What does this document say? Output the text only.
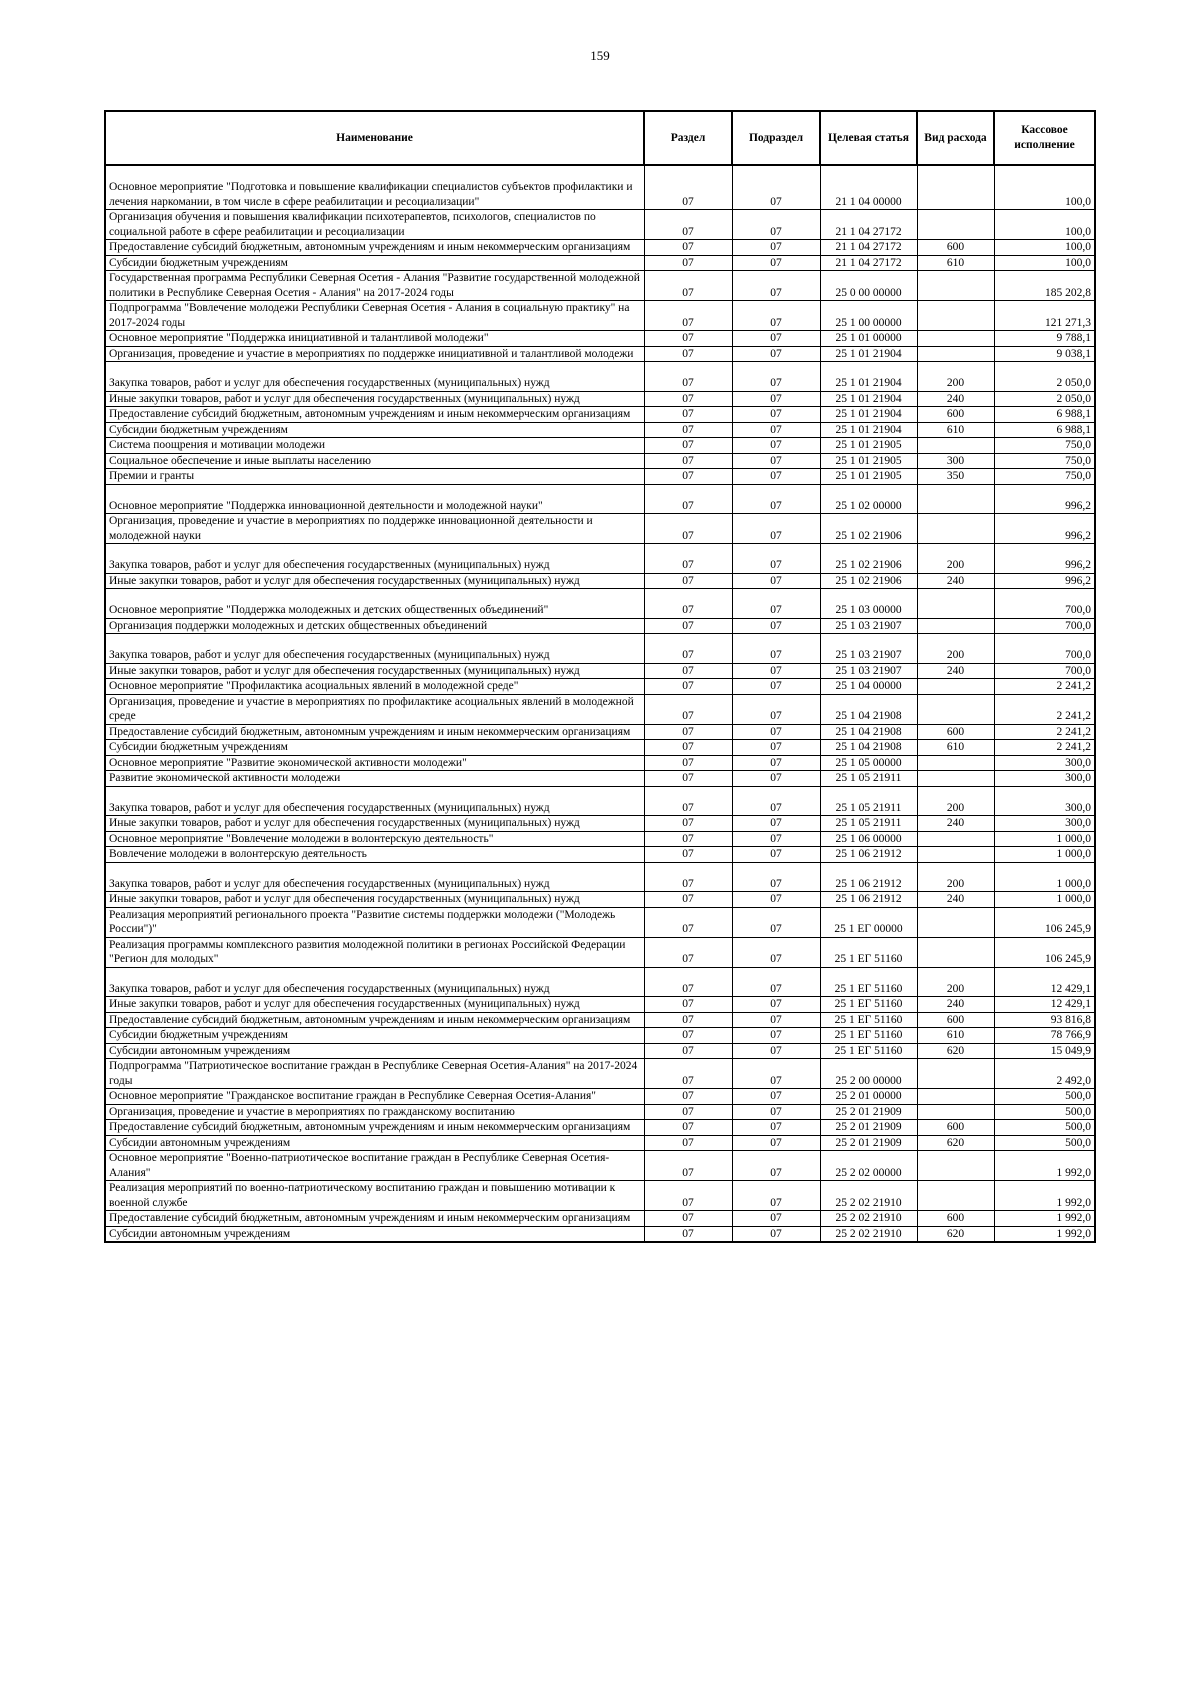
159
Наименование	Раздел	Подраздел	Целевая статья	Вид расхода	Кассовое исполнение
Основное мероприятие "Подготовка и повышение квалификации специалистов субъектов профилактики и лечения наркомании, в том числе в сфере реабилитации и ресоциализации"	07	07	21 1 04 00000		100,0
Организация обучения и повышения квалификации психотерапевтов, психологов, специалистов по социальной работе в сфере реабилитации и ресоциализации	07	07	21 1 04 27172		100,0
Предоставление субсидий бюджетным, автономным учреждениям и иным некоммерческим организациям	07	07	21 1 04 27172	600	100,0
Субсидии бюджетным учреждениям	07	07	21 1 04 27172	610	100,0
Государственная программа Республики Северная Осетия - Алания "Развитие государственной молодежной политики в Республике Северная Осетия - Алания" на 2017-2024 годы	07	07	25 0 00 00000		185 202,8
Подпрограмма "Вовлечение молодежи Республики Северная Осетия - Алания в социальную практику" на 2017-2024 годы	07	07	25 1 00 00000		121 271,3
Основное мероприятие "Поддержка инициативной и талантливой молодежи"	07	07	25 1 01 00000		9 788,1
Организация, проведение и участие в мероприятиях по поддержке инициативной и талантливой молодежи	07	07	25 1 01 21904		9 038,1
Закупка товаров, работ и услуг для обеспечения государственных (муниципальных) нужд	07	07	25 1 01 21904	200	2 050,0
Иные закупки товаров, работ и услуг для обеспечения государственных (муниципальных) нужд	07	07	25 1 01 21904	240	2 050,0
Предоставление субсидий бюджетным, автономным учреждениям и иным некоммерческим организациям	07	07	25 1 01 21904	600	6 988,1
Субсидии бюджетным учреждениям	07	07	25 1 01 21904	610	6 988,1
Система поощрения и мотивации молодежи	07	07	25 1 01 21905		750,0
Социальное обеспечение и иные выплаты населению	07	07	25 1 01 21905	300	750,0
Премии и гранты	07	07	25 1 01 21905	350	750,0
Основное мероприятие "Поддержка инновационной деятельности и молодежной науки"	07	07	25 1 02 00000		996,2
Организация, проведение и участие в мероприятиях по поддержке инновационной деятельности и молодежной науки	07	07	25 1 02 21906		996,2
Закупка товаров, работ и услуг для обеспечения государственных (муниципальных) нужд	07	07	25 1 02 21906	200	996,2
Иные закупки товаров, работ и услуг для обеспечения государственных (муниципальных) нужд	07	07	25 1 02 21906	240	996,2
Основное мероприятие "Поддержка молодежных и детских общественных объединений"	07	07	25 1 03 00000		700,0
Организация поддержки молодежных и детских общественных объединений	07	07	25 1 03 21907		700,0
Закупка товаров, работ и услуг для обеспечения государственных (муниципальных) нужд	07	07	25 1 03 21907	200	700,0
Иные закупки товаров, работ и услуг для обеспечения государственных (муниципальных) нужд	07	07	25 1 03 21907	240	700,0
Основное мероприятие "Профилактика асоциальных явлений в молодежной среде"	07	07	25 1 04 00000		2 241,2
Организация, проведение и участие в мероприятиях по профилактике асоциальных явлений в молодежной среде	07	07	25 1 04 21908		2 241,2
Предоставление субсидий бюджетным, автономным учреждениям и иным некоммерческим организациям	07	07	25 1 04 21908	600	2 241,2
Субсидии бюджетным учреждениям	07	07	25 1 04 21908	610	2 241,2
Основное мероприятие "Развитие экономической активности молодежи"	07	07	25 1 05 00000		300,0
Развитие экономической активности молодежи	07	07	25 1 05 21911		300,0
Закупка товаров, работ и услуг для обеспечения государственных (муниципальных) нужд	07	07	25 1 05 21911	200	300,0
Иные закупки товаров, работ и услуг для обеспечения государственных (муниципальных) нужд	07	07	25 1 05 21911	240	300,0
Основное мероприятие "Вовлечение молодежи в волонтерскую деятельность"	07	07	25 1 06 00000		1 000,0
Вовлечение молодежи в волонтерскую деятельность	07	07	25 1 06 21912		1 000,0
Закупка товаров, работ и услуг для обеспечения государственных (муниципальных) нужд	07	07	25 1 06 21912	200	1 000,0
Иные закупки товаров, работ и услуг для обеспечения государственных (муниципальных) нужд	07	07	25 1 06 21912	240	1 000,0
Реализация мероприятий регионального проекта "Развитие системы поддержки молодежи ("Молодежь России")"	07	07	25 1 ЕГ 00000		106 245,9
Реализация программы комплексного развития молодежной политики в регионах Российской Федерации "Регион для молодых"	07	07	25 1 ЕГ 51160		106 245,9
Закупка товаров, работ и услуг для обеспечения государственных (муниципальных) нужд	07	07	25 1 ЕГ 51160	200	12 429,1
Иные закупки товаров, работ и услуг для обеспечения государственных (муниципальных) нужд	07	07	25 1 ЕГ 51160	240	12 429,1
Предоставление субсидий бюджетным, автономным учреждениям и иным некоммерческим организациям	07	07	25 1 ЕГ 51160	600	93 816,8
Субсидии бюджетным учреждениям	07	07	25 1 ЕГ 51160	610	78 766,9
Субсидии автономным учреждениям	07	07	25 1 ЕГ 51160	620	15 049,9
Подпрограмма "Патриотическое воспитание граждан в Республике Северная Осетия-Алания" на 2017-2024 годы	07	07	25 2 00 00000		2 492,0
Основное мероприятие "Гражданское воспитание граждан в Республике Северная Осетия-Алания"	07	07	25 2 01 00000		500,0
Организация, проведение и участие в мероприятиях по гражданскому воспитанию	07	07	25 2 01 21909		500,0
Предоставление субсидий бюджетным, автономным учреждениям и иным некоммерческим организациям	07	07	25 2 01 21909	600	500,0
Субсидии автономным учреждениям	07	07	25 2 01 21909	620	500,0
Основное мероприятие "Военно-патриотическое воспитание граждан в Республике Северная Осетия- Алания"	07	07	25 2 02 00000		1 992,0
Реализация мероприятий по военно-патриотическому воспитанию граждан и повышению мотивации к военной службе	07	07	25 2 02 21910		1 992,0
Предоставление субсидий бюджетным, автономным учреждениям и иным некоммерческим организациям	07	07	25 2 02 21910	600	1 992,0
Субсидии автономным учреждениям	07	07	25 2 02 21910	620	1 992,0
